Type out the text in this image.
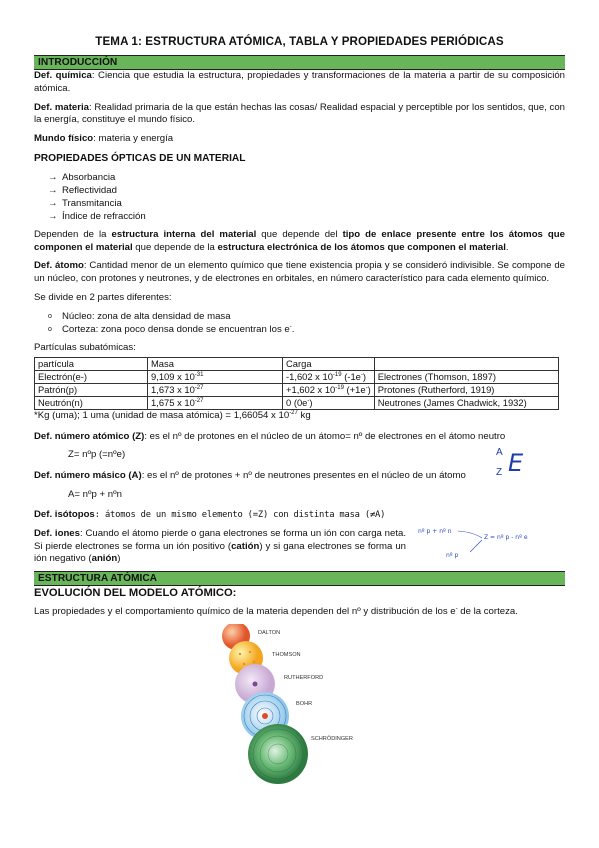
TEMA 1: ESTRUCTURA ATÓMICA, TABLA Y PROPIEDADES PERIÓDICAS
INTRODUCCIÓN

Def. química: Ciencia que estudia la estructura, propiedades y transformaciones de la materia a partir de su composición atómica.

Def. materia: Realidad primaria de la que están hechas las cosas/ Realidad espacial y perceptible por los sentidos, que, con la energía, constituye el mundo físico.

Mundo físico: materia y energía

PROPIEDADES ÓPTICAS DE UN MATERIAL
→ Absorbancia
→ Reflectividad
→ Transmitancia
→ Índice de refracción

Dependen de la estructura interna del material que depende del tipo de enlace presente entre los átomos que componen el material que depende de la estructura electrónica de los átomos que componen el material.

Def. átomo: Cantidad menor de un elemento químico que tiene existencia propia y se consideró indivisible. Se compone de un núcleo, con protones y neutrones, y de electrones en orbitales, en número característico para cada elemento químico.

Se divide en 2 partes diferentes:

o Núcleo: zona de alta densidad de masa
o Corteza: zona poco densa donde se encuentran los e-.

Partículas subatómicas:

partícula	Masa	Carga	
Electrón(e-)	9,109 x $10^{-31}$	-1,602 x $10^{-19}$ (-1e-)	Electrones (Thomson, 1897)
Patrón(p)	1,673 x $10^{-27}$	+1,602 x $10^{-19}$ (+1e-)	Protones (Rutherford, 1919)
Neutrón(n)	1,675 x $10^{-27}$	0 (0e-)	Neutrones (James Chadwick, 1932)

*Kg (uma); 1 uma (unidad de masa atómica) = 1,66054 x $10^{-27}$ kg

Def. número atómico (Z): es el nº de protones en el núcleo de un átomo= nº de electrones en el átomo neutro

Z= nºp (=nºe)

Def. número másico (A): es el nº de protones + nº de neutrones presentes en el núcleo de un átomo

A= nºp + nºn
A
Z E

Def. isótopos: átomos de un mismo elemento (=Z) con distinta masa (≠A)

Def. iones: Cuando el átomo pierde o gana electrones se forma un ión con carga neta. Si pierde electrones se forma un ión positivo (catión) y si gana electrones se forma un ión negativo (anión)

nº p + nº n
Z = nº p - nº e
nº p
ESTRUCTURA ATÓMICA
EVOLUCIÓN DEL MODELO ATÓMICO:

Las propiedades y el comportamiento químico de la materia dependen del nº y distribución de los e- de la corteza.

DALTON
THOMSON
RUTHERFORD
BOHR
SCHRÖDINGER
